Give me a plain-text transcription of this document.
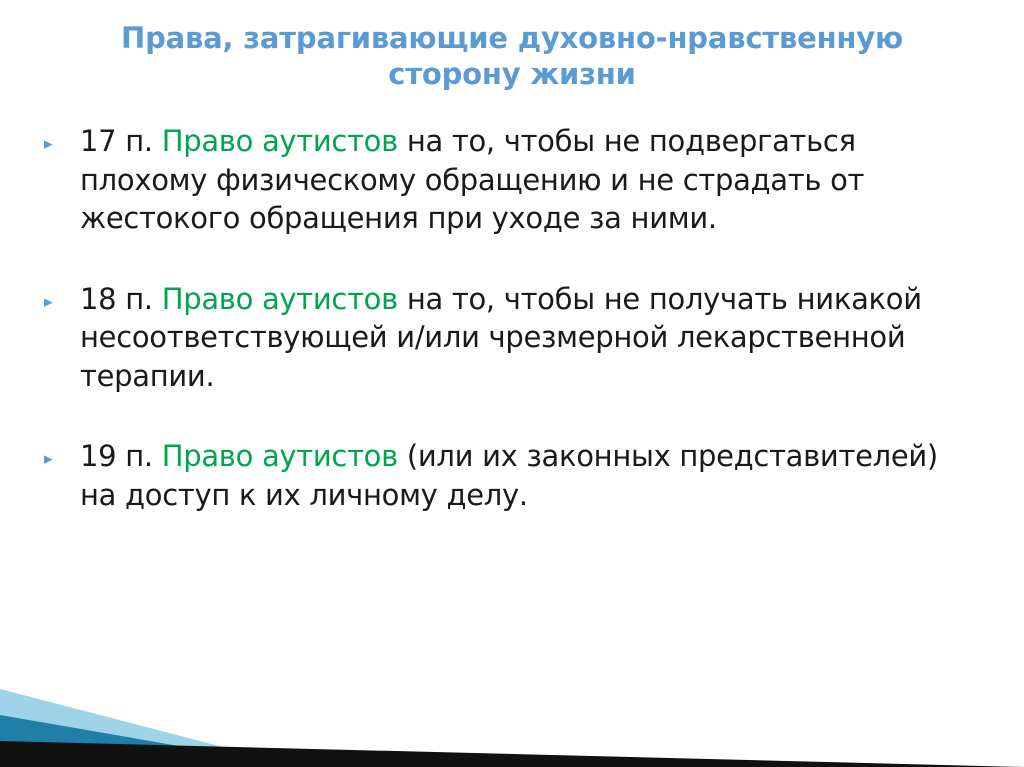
Права, затрагивающие духовно-нравственную сторону жизни
▸ 17 п. Право аутистов на то, чтобы не подвергаться плохому физическому обращению и не страдать от жестокого обращения при уходе за ними.
▸ 18 п. Право аутистов на то, чтобы не получать никакой несоответствующей и/или чрезмерной лекарственной терапии.
▸ 19 п. Право аутистов (или их законных представителей) на доступ к их личному делу.
